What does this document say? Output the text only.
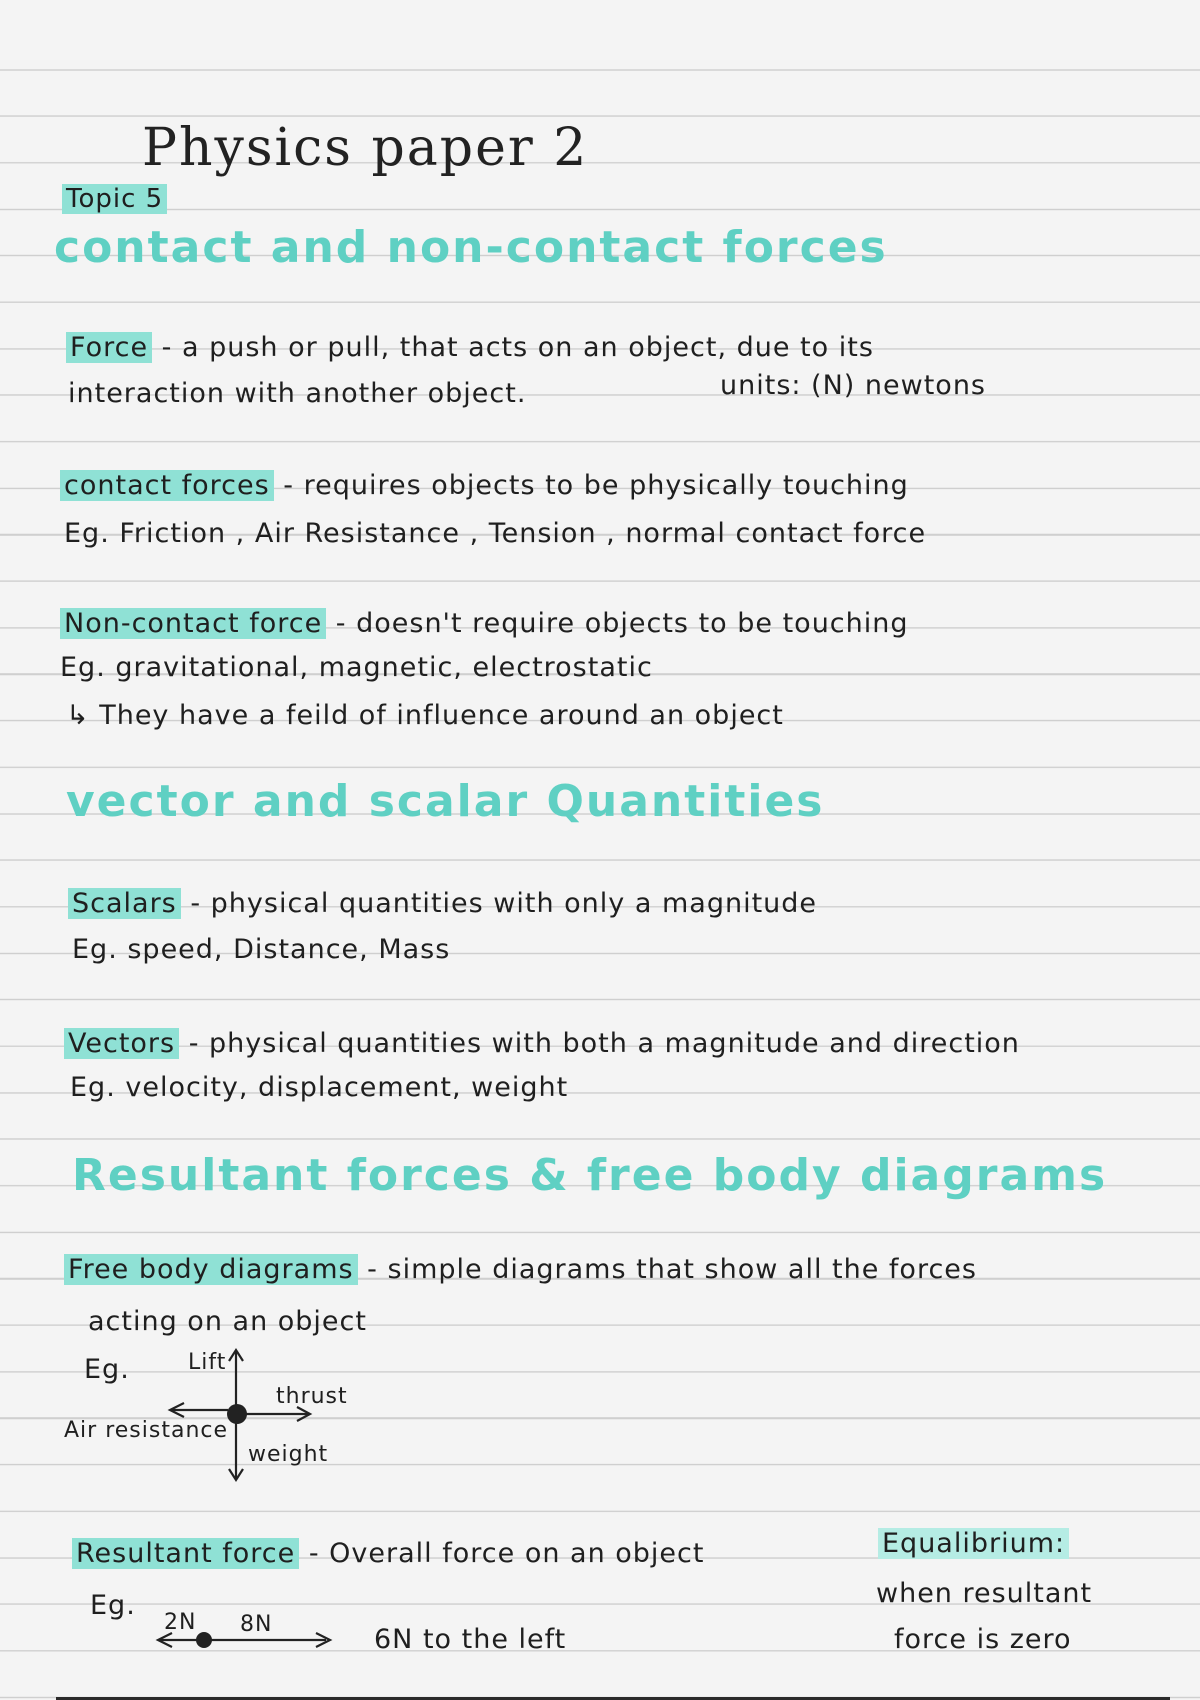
Physics paper 2
Topic 5
contact and non-contact forces
Force - a push or pull, that acts on an object, due to its
interaction with another object.	units: (N) newtons
contact forces - requires objects to be physically touching
Eg. Friction , Air Resistance , Tension , normal contact force
Non-contact force - doesn't require objects to be touching
Eg. gravitational, magnetic, electrostatic
↳ They have a feild of influence around an object
vector and scalar Quantities
Scalars - physical quantities with only a magnitude
Eg. speed, Distance, Mass
Vectors - physical quantities with both a magnitude and direction
Eg. velocity, displacement, weight
Resultant forces & free body diagrams
Free body diagrams - simple diagrams that show all the forces
acting on an object
Eg.	Lift
thrust
Air resistance
weight
Resultant force - Overall force on an object
Eg.
2N 8N	6N to the left
Equalibrium:
when resultant
force is zero
